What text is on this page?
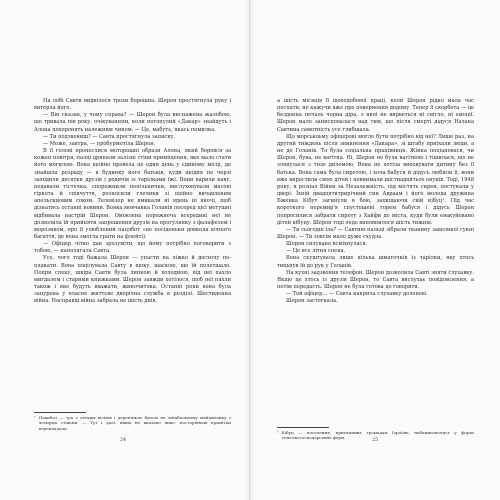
На лобі Савти виднілося трохи борошна. Шерон простягнула руку і витерла його.

— Він сказав, у чому справа? — Шерон була виснажена жалобою, що тривала пів року, очікуванням, коли потопулий «Дакар» знайдуть і Алона похоронять належним чином. — Це, мабуть, якась помилка.

— Ти подзвониш? — Савта простягнула записку.

— Може, завтра, — пробурмотіла Шерон.

В її голові пронеслися моторошні образи Алона, який боровся за кожен повітря, палці дряпали залізні стіни приміщення, яке мало стати його могилою. Вона щойно провела це один день у єдиному місці, де знайшла розраду — в будинку його батьків, куди щодня по черзі заходили десятки друзів і родичів із тарілками їжі. Вони варили каву, подавали тістечка, спорожнили попільнички, вислуховували масові гіркота й співчуття, розносили глечики зі щойно вичавленим апельсиновим соком. Телевізор не вмикали ні вдень ні вночі, щоб дізнатись останні новини. Вояка мовчанка Голанів посеред цієї метушні відбивала настрій Шерон. Омовлена порожнеча всередині неї не дозволила їй прийняти запрошення друзів на прогулянку з фалафелем і морозивом, про її улюблений пацлбот «не посіденьки довкола вічного багаття, де вона змогла грати на флейті).

— Офіцер чітко дав зрозуміти, що йому потрібно поговорити з тобою, — наполягала Савта.

Усе, чого тоді бажала Шерон — упасти на ліжко й досхочу поплакати. Вона поцілувала Савту в щоку, шаєкою, що їй полетшало. Попри спеку, шкіра Савти була липкою й холодною, від неї пахло мигдалем і старими книжками. Шерон завжди хотілося, щоб неї пахли також і яке будуть вважати, жиночитока. Останні роки вона була занурена у власне життєве дворічна служба в розділі. Шестиденна війна. Насправді війна забрала не шість днів,

¹ Пацибот — тра з легким вісьмя і дерев'яною битою на зміцбольному майданчику з чотирма стіньми. — Тут і далі, якщо не вказано інше, посторінкові примітки перекладача.
24

а шість місяців її щоходобової праці, коли Шерон рідко мала час поспати, не кажучи вже про повернення додому. Тепер її скорбота — це бездонна печаль чорна діра, з якої не вирветься ні світло, ні емоції. Шерон мало занисповалася над тим, що після смерті дідуся Натана Савтина самотність усе глибшала.

Що морськоьму офіцерові могло бути потрібно від неї? Лише раз, на другий тиждень після зникнення «Дакара», зі штабу приїхали люди, а не до Голанів. То була соціальна працівниця. Жінка поціановася, чи Шерон, бува, не вагітна. Ні, Шерон не була вагітною і тішилася, що не злянулася з тією дилемою. Вона не хотіла виховувати дитину без її батька. Вона сама була сиротою, і хоча бабуся й дідусь любили її, вони вже виростили свою дітей і невнимали шістнадцятьох онуків. Тоді, 1948 року, в розпал Війни за Незалежність, під містять сирен, постукали у двері. Їхній двадцятитрирічний син Авраам і його молода дружина Бженка Кібут загинули в бою, захищаючи свій кібуц¹. Під час короткого перемир'я спустошені горем бабуся і дідусь Шерон попросилися забрати сироту з Хайфи до міста, куди були евакуйовано дітей кібуцу. Шерон тоді ледь виповнилося шість тижнів.

— Ти сьогодні їла? — Савтині пальці зібрали тканину завеликої сукні Шерон. — Ти зовсім мало дуже схудла.

Шерон силувано всміхнулася.

— Це все літня спека.

Вона скуштувала лише кілька шматочків із тарілки, яку хтось тицьнув їй до рук у Голанів.

На кухні задзвонив телефон. Шерон дозволила Савті зняти слухавку. Якщо це хтось із друзів Шерон, то Савта вислухає повідомлення, а потім передасть. Шерон не була готова до говорити.

— Той офіцер… — Савта накрила слухавку долонею.

Шерон застогнала.

¹ Кібуц — поселення, притаманне громадам Ізраїлю, наближчаючись у формі сільськогосподарських ферм.
25
